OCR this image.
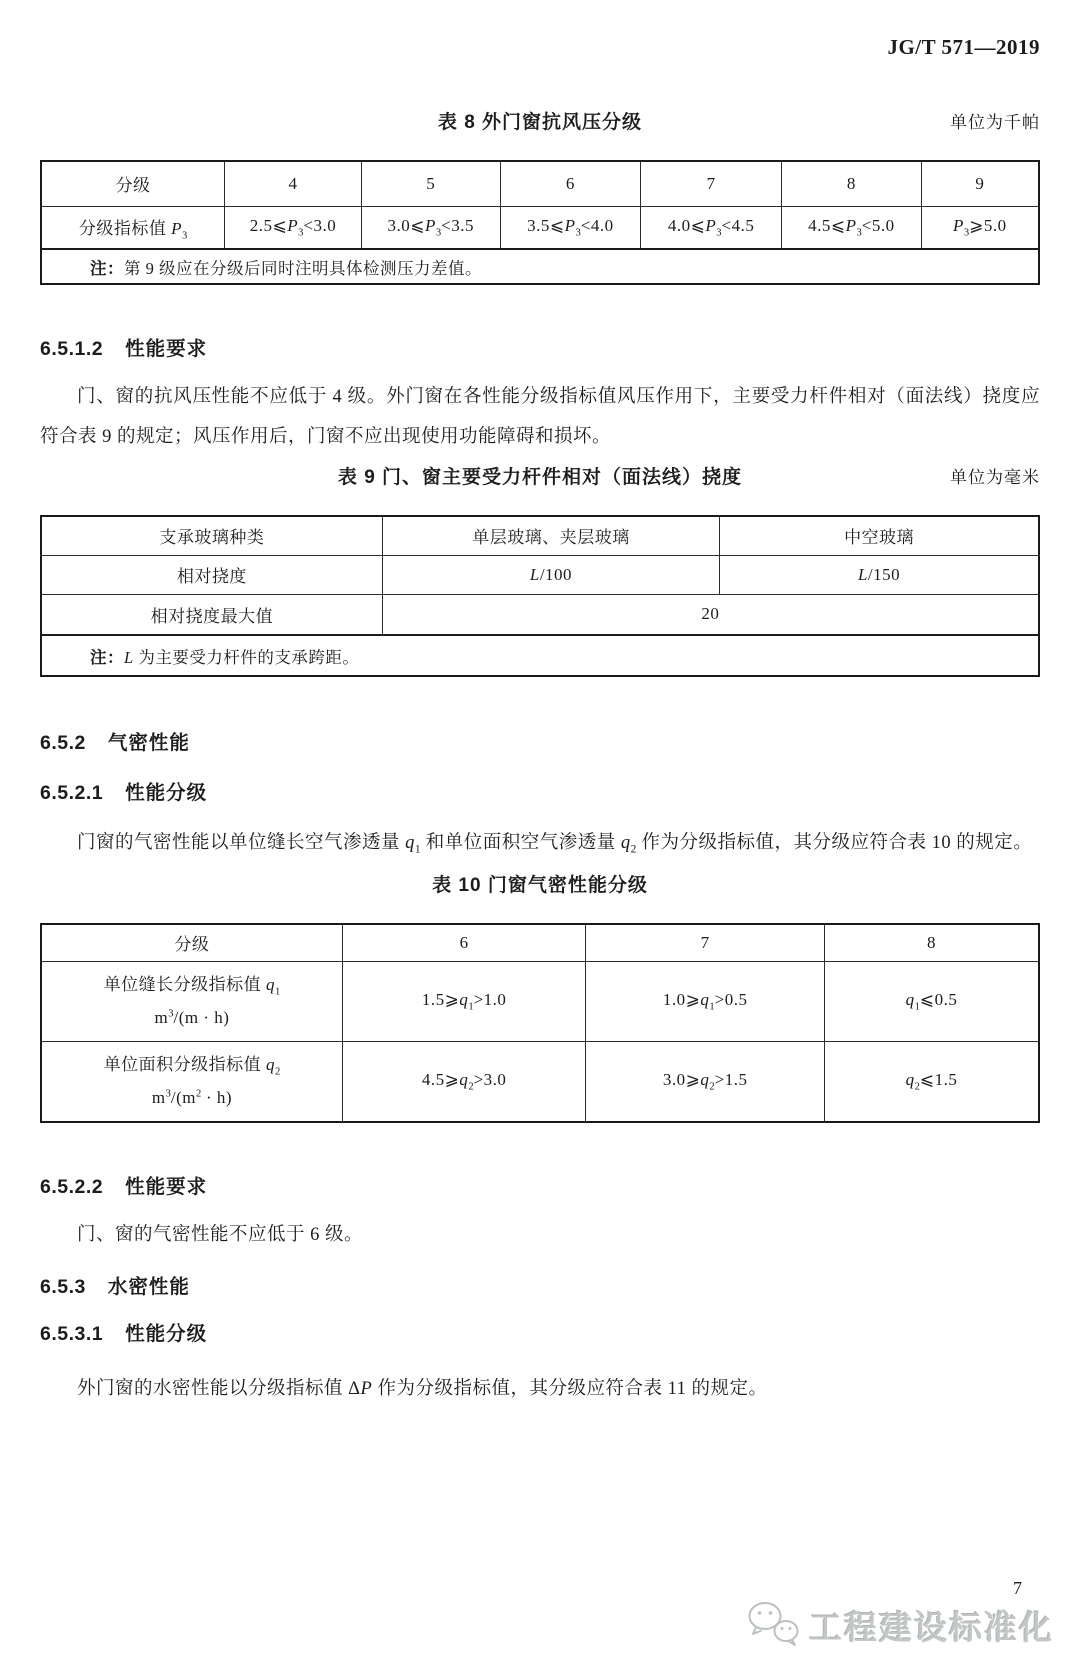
JG/T 571—2019
表 8 外门窗抗风压分级	单位为千帕
分级	4	5	6	7	8	9
分级指标值 $P_3$	$2.5⩽P_3<3.0$	$3.0⩽P_3<3.5$	$3.5⩽P_3<4.0$	$4.0⩽P_3<4.5$	$4.5⩽P_3<5.0$	$P_3⩾5.0$
注：第 9 级应在分级后同时注明具体检测压力差值。						
6.5.1.2 性能要求
门、窗的抗风压性能不应低于 4 级。外门窗在各性能分级指标值风压作用下，主要受力杆件相对（面法线）挠度应符合表 9 的规定；风压作用后，门窗不应出现使用功能障碍和损坏。
表 9 门、窗主要受力杆件相对（面法线）挠度	单位为毫米
支承玻璃种类	单层玻璃、夹层玻璃	中空玻璃
相对挠度	L/100	L/150
相对挠度最大值	20	
注：L 为主要受力杆件的支承跨距。		
6.5.2 气密性能
6.5.2.1 性能分级
门窗的气密性能以单位缝长空气渗透量 $q_1$ 和单位面积空气渗透量 $q_2$ 作为分级指标值，其分级应符合表 10 的规定。
表 10 门窗气密性能分级
分级	6	7	8

单位缝长分级指标值 $q_1$
$m^3/(m \cdot h)$	$1.5⩾q_1>1.0$	$1.0⩾q_1>0.5$	$q_1⩽0.5$

单位面积分级指标值 $q_2$
$m^3/(m^2 \cdot h)$	$4.5⩾q_2>3.0$	$3.0⩾q_2>1.5$	$q_2⩽1.5$
6.5.2.2 性能要求
门、窗的气密性能不应低于 6 级。
6.5.3 水密性能
6.5.3.1 性能分级
外门窗的水密性能以分级指标值 ΔP 作为分级指标值，其分级应符合表 11 的规定。
7
工程建设标准化
